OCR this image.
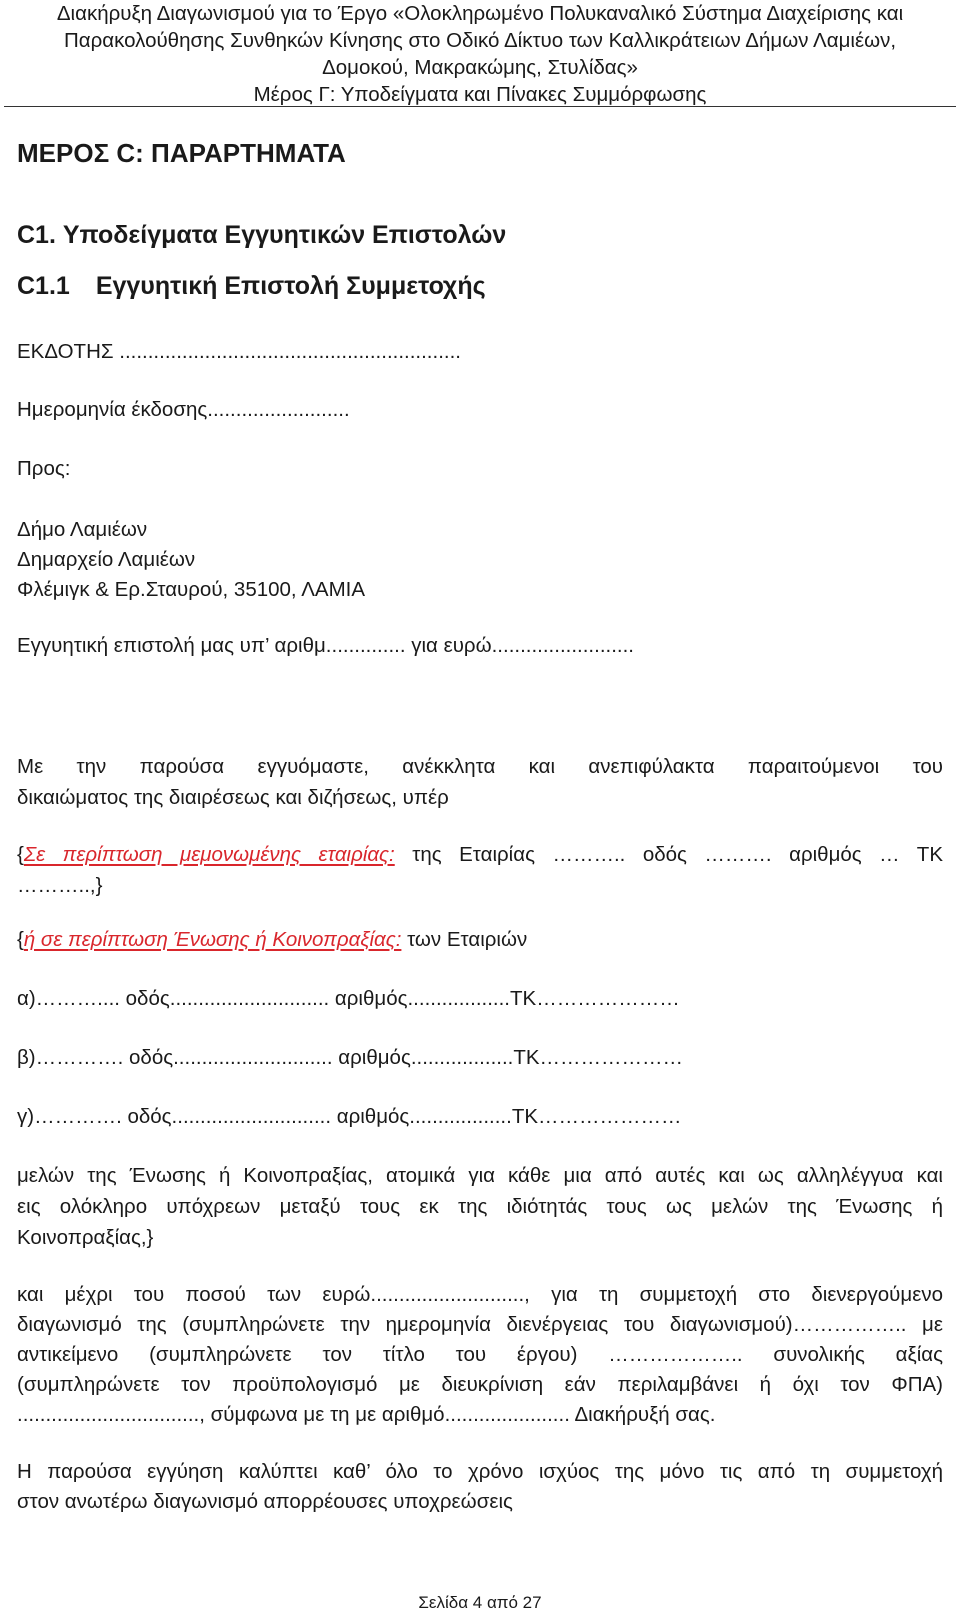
Διακήρυξη Διαγωνισμού για το Έργο «Ολοκληρωμένο Πολυκαναλικό Σύστημα Διαχείρισης και
Παρακολούθησης Συνθηκών Κίνησης στο Οδικό Δίκτυο των Καλλικράτειων Δήμων Λαμιέων,
Δομοκού, Μακρακώμης, Στυλίδας»
Μέρος Γ: Υποδείγματα και Πίνακες Συμμόρφωσης
ΜΕΡΟΣ C: ΠΑΡΑΡΤΗΜΑΤΑ
C1. Υποδείγματα Εγγυητικών Επιστολών
C1.1 Εγγυητική Επιστολή Συμμετοχής
ΕΚΔΟΤΗΣ ............................................................
Ημερομηνία έκδοσης.........................
Προς:
Δήμο Λαμιέων
Δημαρχείο Λαμιέων
Φλέμιγκ & Ερ.Σταυρού, 35100, ΛΑΜΙΑ
Εγγυητική επιστολή μας υπ’ αριθμ.............. για ευρώ.........................
Με την παρούσα εγγυόμαστε, ανέκκλητα και ανεπιφύλακτα παραιτούμενοι του
δικαιώματος της διαιρέσεως και διζήσεως, υπέρ
{Σε περίπτωση μεμονωμένης εταιρίας: της Εταιρίας ……….. οδός ………. αριθμός … ΤΚ
………..,}
{ή σε περίπτωση Ένωσης ή Κοινοπραξίας: των Εταιριών
α)……….... οδός............................ αριθμός..................ΤΚ…………………
β)…………. οδός............................ αριθμός..................ΤΚ…………………
γ)…………. οδός............................ αριθμός..................ΤΚ…………………
μελών της Ένωσης ή Κοινοπραξίας, ατομικά για κάθε μια από αυτές και ως αλληλέγγυα και
εις ολόκληρο υπόχρεων μεταξύ τους εκ της ιδιότητάς τους ως μελών της Ένωσης ή
Κοινοπραξίας,}
και μέχρι του ποσού των ευρώ..........................., για τη συμμετοχή στο διενεργούμενο
διαγωνισμό της (συμπληρώνετε την ημερομηνία διενέργειας του διαγωνισμού)…………….. με
αντικείμενο (συμπληρώνετε τον τίτλο του έργου) ……………….. συνολικής αξίας
(συμπληρώνετε τον προϋπολογισμό με διευκρίνιση εάν περιλαμβάνει ή όχι τον ΦΠΑ)
................................, σύμφωνα με τη με αριθμό...................... Διακήρυξή σας.
Η παρούσα εγγύηση καλύπτει καθ’ όλο το χρόνο ισχύος της μόνο τις από τη συμμετοχή
στον ανωτέρω διαγωνισμό απορρέουσες υποχρεώσεις
Σελίδα 4 από 27
